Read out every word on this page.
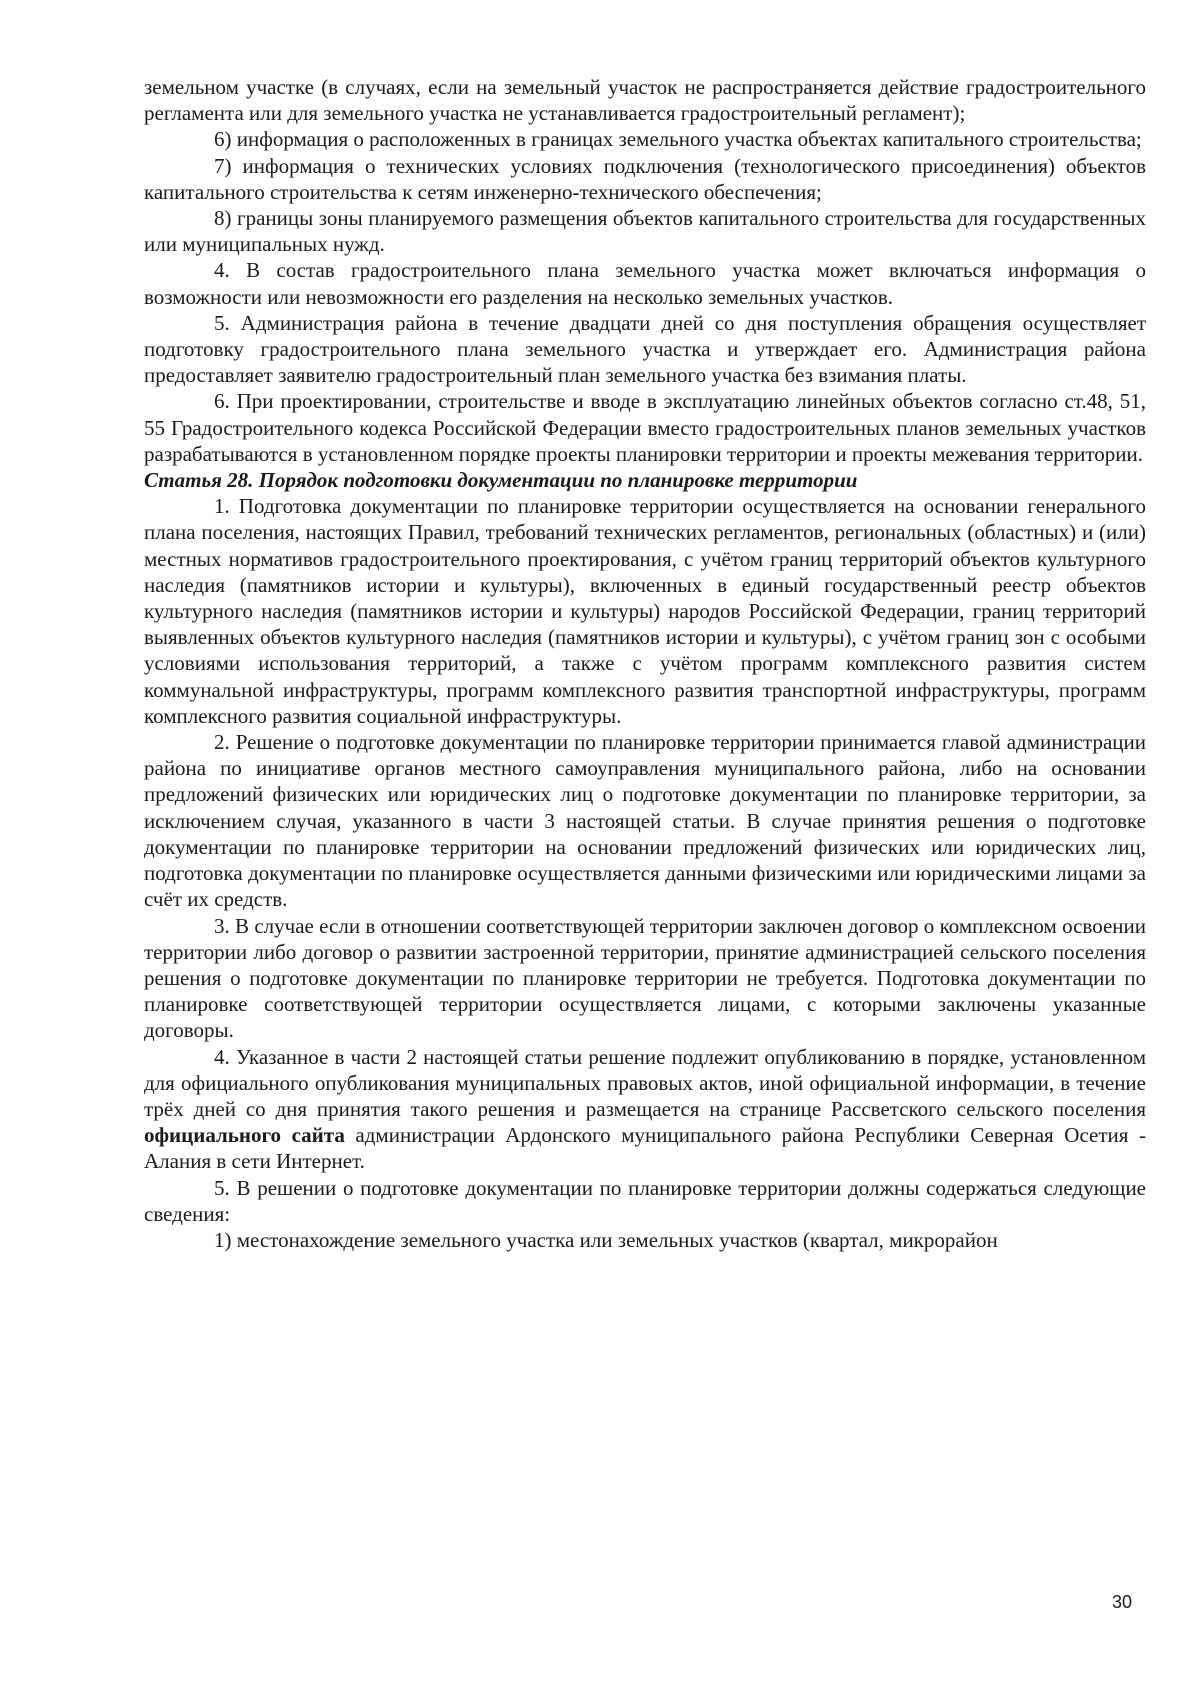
земельном участке (в случаях, если на земельный участок не распространяется действие градостроительного регламента или для земельного участка не устанавливается градостроительный регламент);

6) информация о расположенных в границах земельного участка объектах капитального строительства;

7) информация о технических условиях подключения (технологического присоединения) объектов капитального строительства к сетям инженерно-технического обеспечения;

8) границы зоны планируемого размещения объектов капитального строительства для государственных или муниципальных нужд.

4. В состав градостроительного плана земельного участка может включаться информация о возможности или невозможности его разделения на несколько земельных участков.

5. Администрация района в течение двадцати дней со дня поступления обращения осуществляет подготовку градостроительного плана земельного участка и утверждает его. Администрация района предоставляет заявителю градостроительный план земельного участка без взимания платы.

6. При проектировании, строительстве и вводе в эксплуатацию линейных объектов согласно ст.48, 51, 55 Градостроительного кодекса Российской Федерации вместо градостроительных планов земельных участков разрабатываются в установленном порядке проекты планировки территории и проекты межевания территории.

Статья 28. Порядок подготовки документации по планировке территории

1. Подготовка документации по планировке территории осуществляется на основании генерального плана поселения, настоящих Правил, требований технических регламентов, региональных (областных) и (или) местных нормативов градостроительного проектирования, с учётом границ территорий объектов культурного наследия (памятников истории и культуры), включенных в единый государственный реестр объектов культурного наследия (памятников истории и культуры) народов Российской Федерации, границ территорий выявленных объектов культурного наследия (памятников истории и культуры), с учётом границ зон с особыми условиями использования территорий, а также с учётом программ комплексного развития систем коммунальной инфраструктуры, программ комплексного развития транспортной инфраструктуры, программ комплексного развития социальной инфраструктуры.

2. Решение о подготовке документации по планировке территории принимается главой администрации района по инициативе органов местного самоуправления муниципального района, либо на основании предложений физических или юридических лиц о подготовке документации по планировке территории, за исключением случая, указанного в части 3 настоящей статьи. В случае принятия решения о подготовке документации по планировке территории на основании предложений физических или юридических лиц, подготовка документации по планировке осуществляется данными физическими или юридическими лицами за счёт их средств.

3. В случае если в отношении соответствующей территории заключен договор о комплексном освоении территории либо договор о развитии застроенной территории, принятие администрацией сельского поселения решения о подготовке документации по планировке территории не требуется. Подготовка документации по планировке соответствующей территории осуществляется лицами, с которыми заключены указанные договоры.

4. Указанное в части 2 настоящей статьи решение подлежит опубликованию в порядке, установленном для официального опубликования муниципальных правовых актов, иной официальной информации, в течение трёх дней со дня принятия такого решения и размещается на странице Рассветского сельского поселения официального сайта администрации Ардонского муниципального района Республики Северная Осетия - Алания в сети Интернет.

5. В решении о подготовке документации по планировке территории должны содержаться следующие сведения:

1) местонахождение земельного участка или земельных участков (квартал, микрорайон

30
